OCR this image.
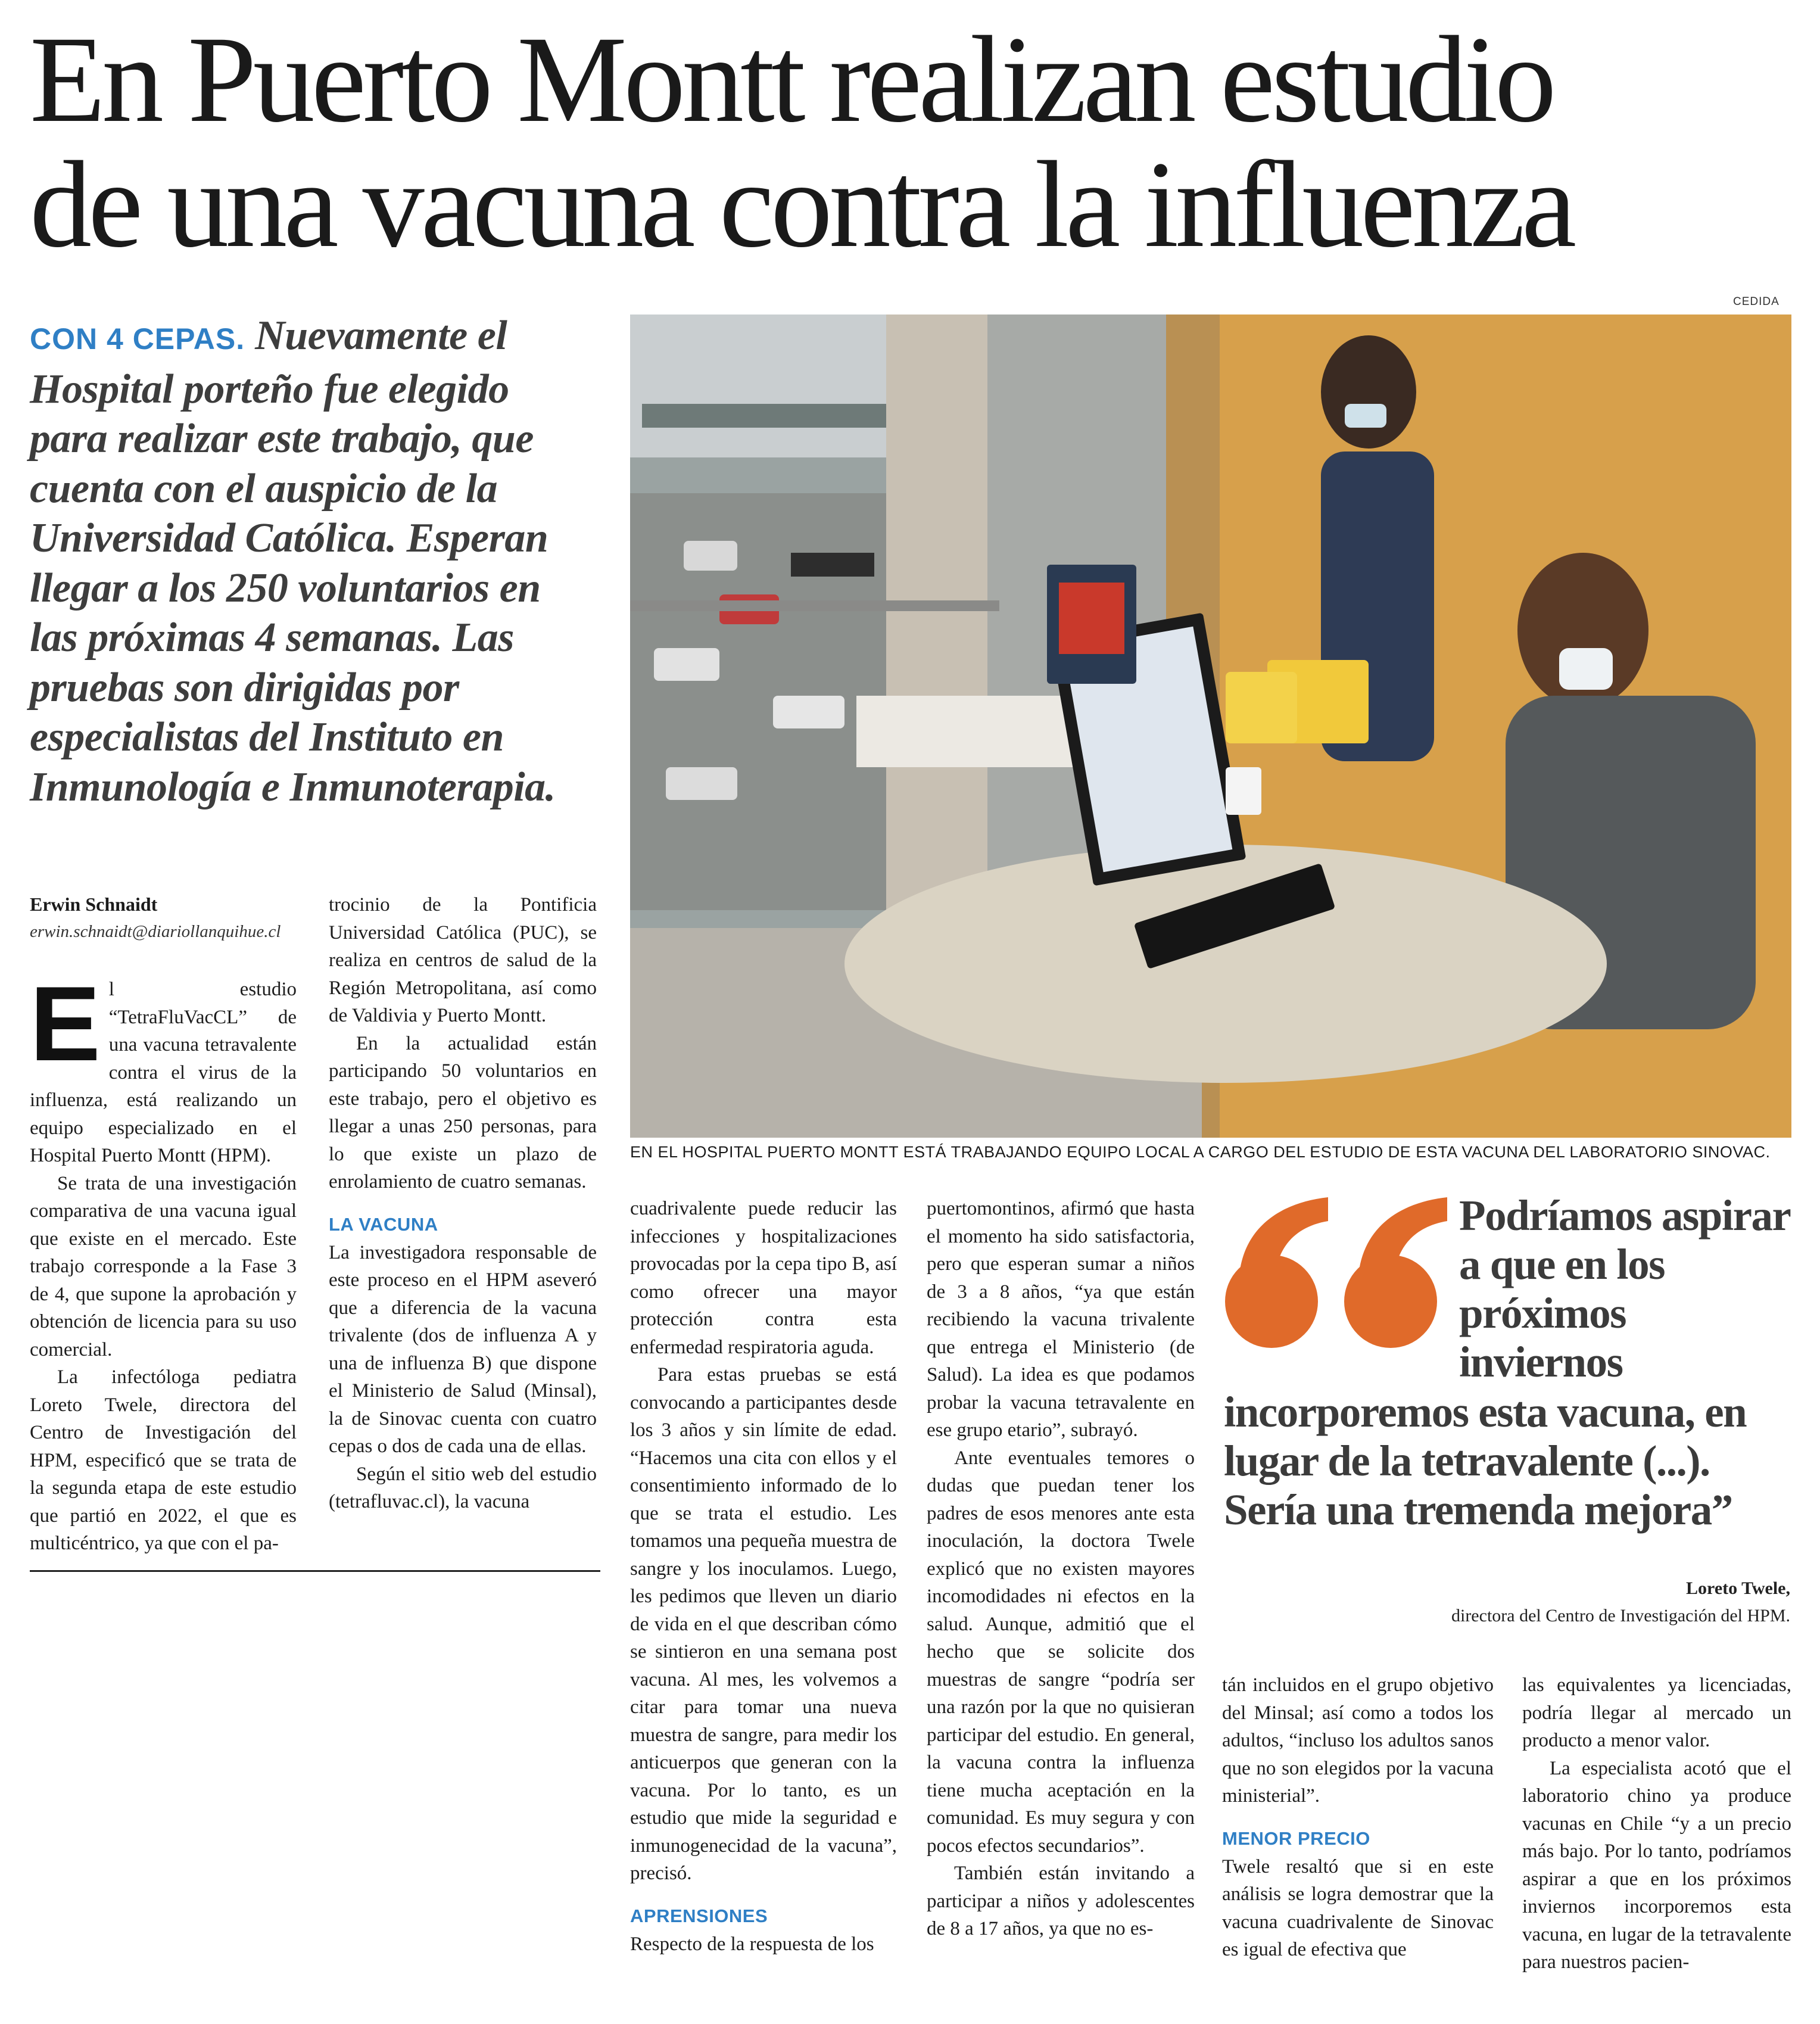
En Puerto Montt realizan estudio
de una vacuna contra la influenza

CON 4 CEPAS. Nuevamente el Hospital porteño fue elegido para realizar este trabajo, que cuenta con el auspicio de la Universidad Católica. Esperan llegar a los 250 voluntarios en las próximas 4 semanas. Las pruebas son dirigidas por especialistas del Instituto en Inmunología e Inmunoterapia.

CEDIDA
EN EL HOSPITAL PUERTO MONTT ESTÁ TRABAJANDO EQUIPO LOCAL A CARGO DEL ESTUDIO DE ESTA VACUNA DEL LABORATORIO SINOVAC.
Erwin Schnaidt
erwin.schnaidt@diariollanquihue.cl
E l estudio “TetraFluVacCL” de una vacuna tetravalente contra el virus de la influenza, está realizando un equipo especializado en el Hospital Puerto Montt (HPM).

Se trata de una investigación comparativa de una vacuna igual que existe en el mercado. Este trabajo corresponde a la Fase 3 de 4, que supone la aprobación y obtención de licencia para su uso comercial.

La infectóloga pediatra Loreto Twele, directora del Centro de Investigación del HPM, especificó que se trata de la segunda etapa de este estudio que partió en 2022, el que es multicéntrico, ya que con el pa-

trocinio de la Pontificia Universidad Católica (PUC), se realiza en centros de salud de la Región Metropolitana, así como de Valdivia y Puerto Montt.

En la actualidad están participando 50 voluntarios en este trabajo, pero el objetivo es llegar a unas 250 personas, para lo que existe un plazo de enrolamiento de cuatro semanas.

LA VACUNA

La investigadora responsable de este proceso en el HPM aseveró que a diferencia de la vacuna trivalente (dos de influenza A y una de influenza B) que dispone el Ministerio de Salud (Minsal), la de Sinovac cuenta con cuatro cepas o dos de cada una de ellas.

Según el sitio web del estudio (tetrafluvac.cl), la vacuna

cuadrivalente puede reducir las infecciones y hospitalizaciones provocadas por la cepa tipo B, así como ofrecer una mayor protección contra esta enfermedad respiratoria aguda.

Para estas pruebas se está convocando a participantes desde los 3 años y sin límite de edad. “Hacemos una cita con ellos y el consentimiento informado de lo que se trata el estudio. Les tomamos una pequeña muestra de sangre y los inoculamos. Luego, les pedimos que lleven un diario de vida en el que describan cómo se sintieron en una semana post vacuna. Al mes, les volvemos a citar para tomar una nueva muestra de sangre, para medir los anticuerpos que generan con la vacuna. Por lo tanto, es un estudio que mide la seguridad e inmunogenecidad de la vacuna”, precisó.

APRENSIONES

Respecto de la respuesta de los

puertomontinos, afirmó que hasta el momento ha sido satisfactoria, pero que esperan sumar a niños de 3 a 8 años, “ya que están recibiendo la vacuna trivalente que entrega el Ministerio (de Salud). La idea es que podamos probar la vacuna tetravalente en ese grupo etario”, subrayó.

Ante eventuales temores o dudas que puedan tener los padres de esos menores ante esta inoculación, la doctora Twele explicó que no existen mayores incomodidades ni efectos en la salud. Aunque, admitió que el hecho que se solicite dos muestras de sangre “podría ser una razón por la que no quisieran participar del estudio. En general, la vacuna contra la influenza tiene mucha aceptación en la comunidad. Es muy segura y con pocos efectos secundarios”.

También están invitando a participar a niños y adolescentes de 8 a 17 años, ya que no es-

Podríamos aspirar a que en los próximos inviernos
incorporemos esta vacuna, en lugar de la tetravalente (...). Sería una tremenda mejora”
Loreto Twele,
directora del Centro de Investigación del HPM.

tán incluidos en el grupo objetivo del Minsal; así como a todos los adultos, “incluso los adultos sanos que no son elegidos por la vacuna ministerial”.

MENOR PRECIO

Twele resaltó que si en este análisis se logra demostrar que la vacuna cuadrivalente de Sinovac es igual de efectiva que

las equivalentes ya licenciadas, podría llegar al mercado un producto a menor valor.

La especialista acotó que el laboratorio chino ya produce vacunas en Chile “y a un precio más bajo. Por lo tanto, podríamos aspirar a que en los próximos inviernos incorporemos esta vacuna, en lugar de la tetravalente para nuestros pacien-
